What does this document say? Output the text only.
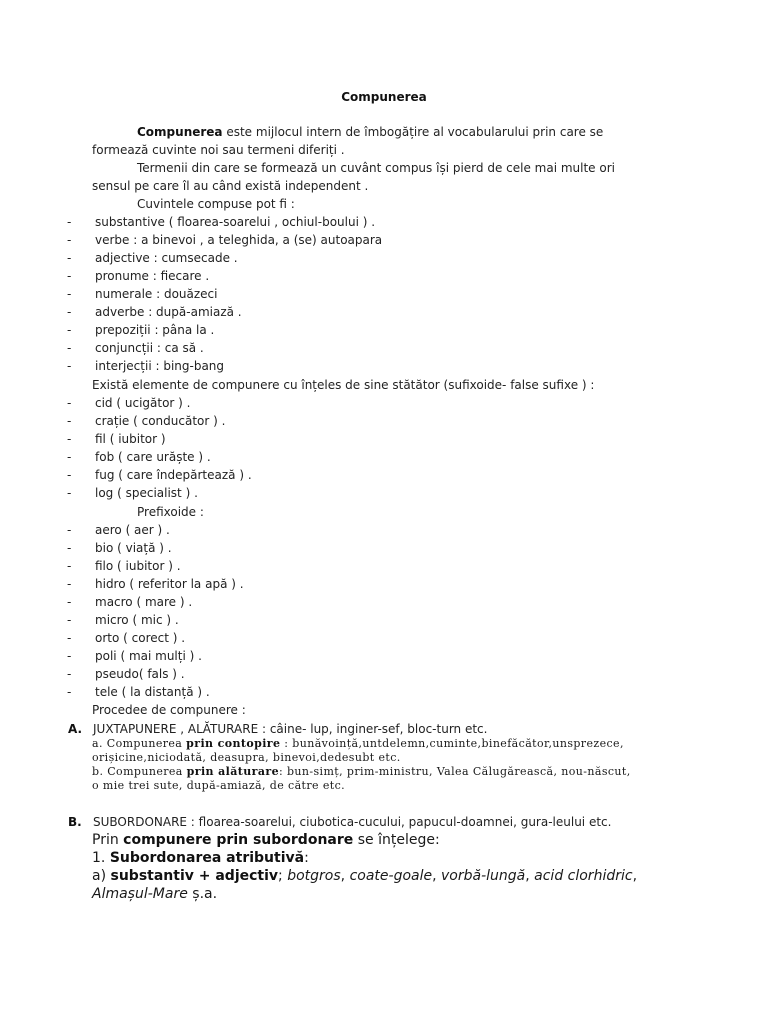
Compunerea
Compunerea este mijlocul intern de îmbogățire al vocabularului prin care se
formează cuvinte noi sau termeni diferiți .
Termenii din care se formează un cuvânt compus își pierd de cele mai multe ori
sensul pe care îl au când există independent .
Cuvintele compuse pot fi :
- substantive ( floarea-soarelui , ochiul-boului ) .
- verbe : a binevoi , a teleghida, a (se) autoapara
- adjective : cumsecade .
- pronume : fiecare .
- numerale : douăzeci
- adverbe : după-amiază .
- prepoziții : pâna la .
- conjuncții : ca să .
- interjecții : bing-bang
Există elemente de compunere cu înțeles de sine stătător (sufixoide- false sufixe ) :
- cid ( ucigător ) .
- crație ( conducător ) .
- fil ( iubitor )
- fob ( care urăște ) .
- fug ( care îndepărtează ) .
- log ( specialist ) .
Prefixoide :
- aero ( aer ) .
- bio ( viață ) .
- filo ( iubitor ) .
- hidro ( referitor la apă ) .
- macro ( mare ) .
- micro ( mic ) .
- orto ( corect ) .
- poli ( mai mulți ) .
- pseudo( fals ) .
- tele ( la distanță ) .
Procedee de compunere :
A. JUXTAPUNERE , ALĂTURARE : câine- lup, inginer-sef, bloc-turn etc.
a. Compunerea prin contopire : bunăvoință,untdelemn,cuminte,binefăcător,unsprezece,
orișicine,niciodată, deasupra, binevoi,dedesubt etc.
b. Compunerea prin alăturare: bun-simț, prim-ministru, Valea Călugărească, nou-născut,
o mie trei sute, după-amiază, de către etc.
B. SUBORDONARE : floarea-soarelui, ciubotica-cucului, papucul-doamnei, gura-leului etc.
Prin compunere prin subordonare se înțelege:
1. Subordonarea atributivă:
a) substantiv + adjectiv; botgros, coate-goale, vorbă-lungă, acid clorhidric,
Almașul-Mare ș.a.
